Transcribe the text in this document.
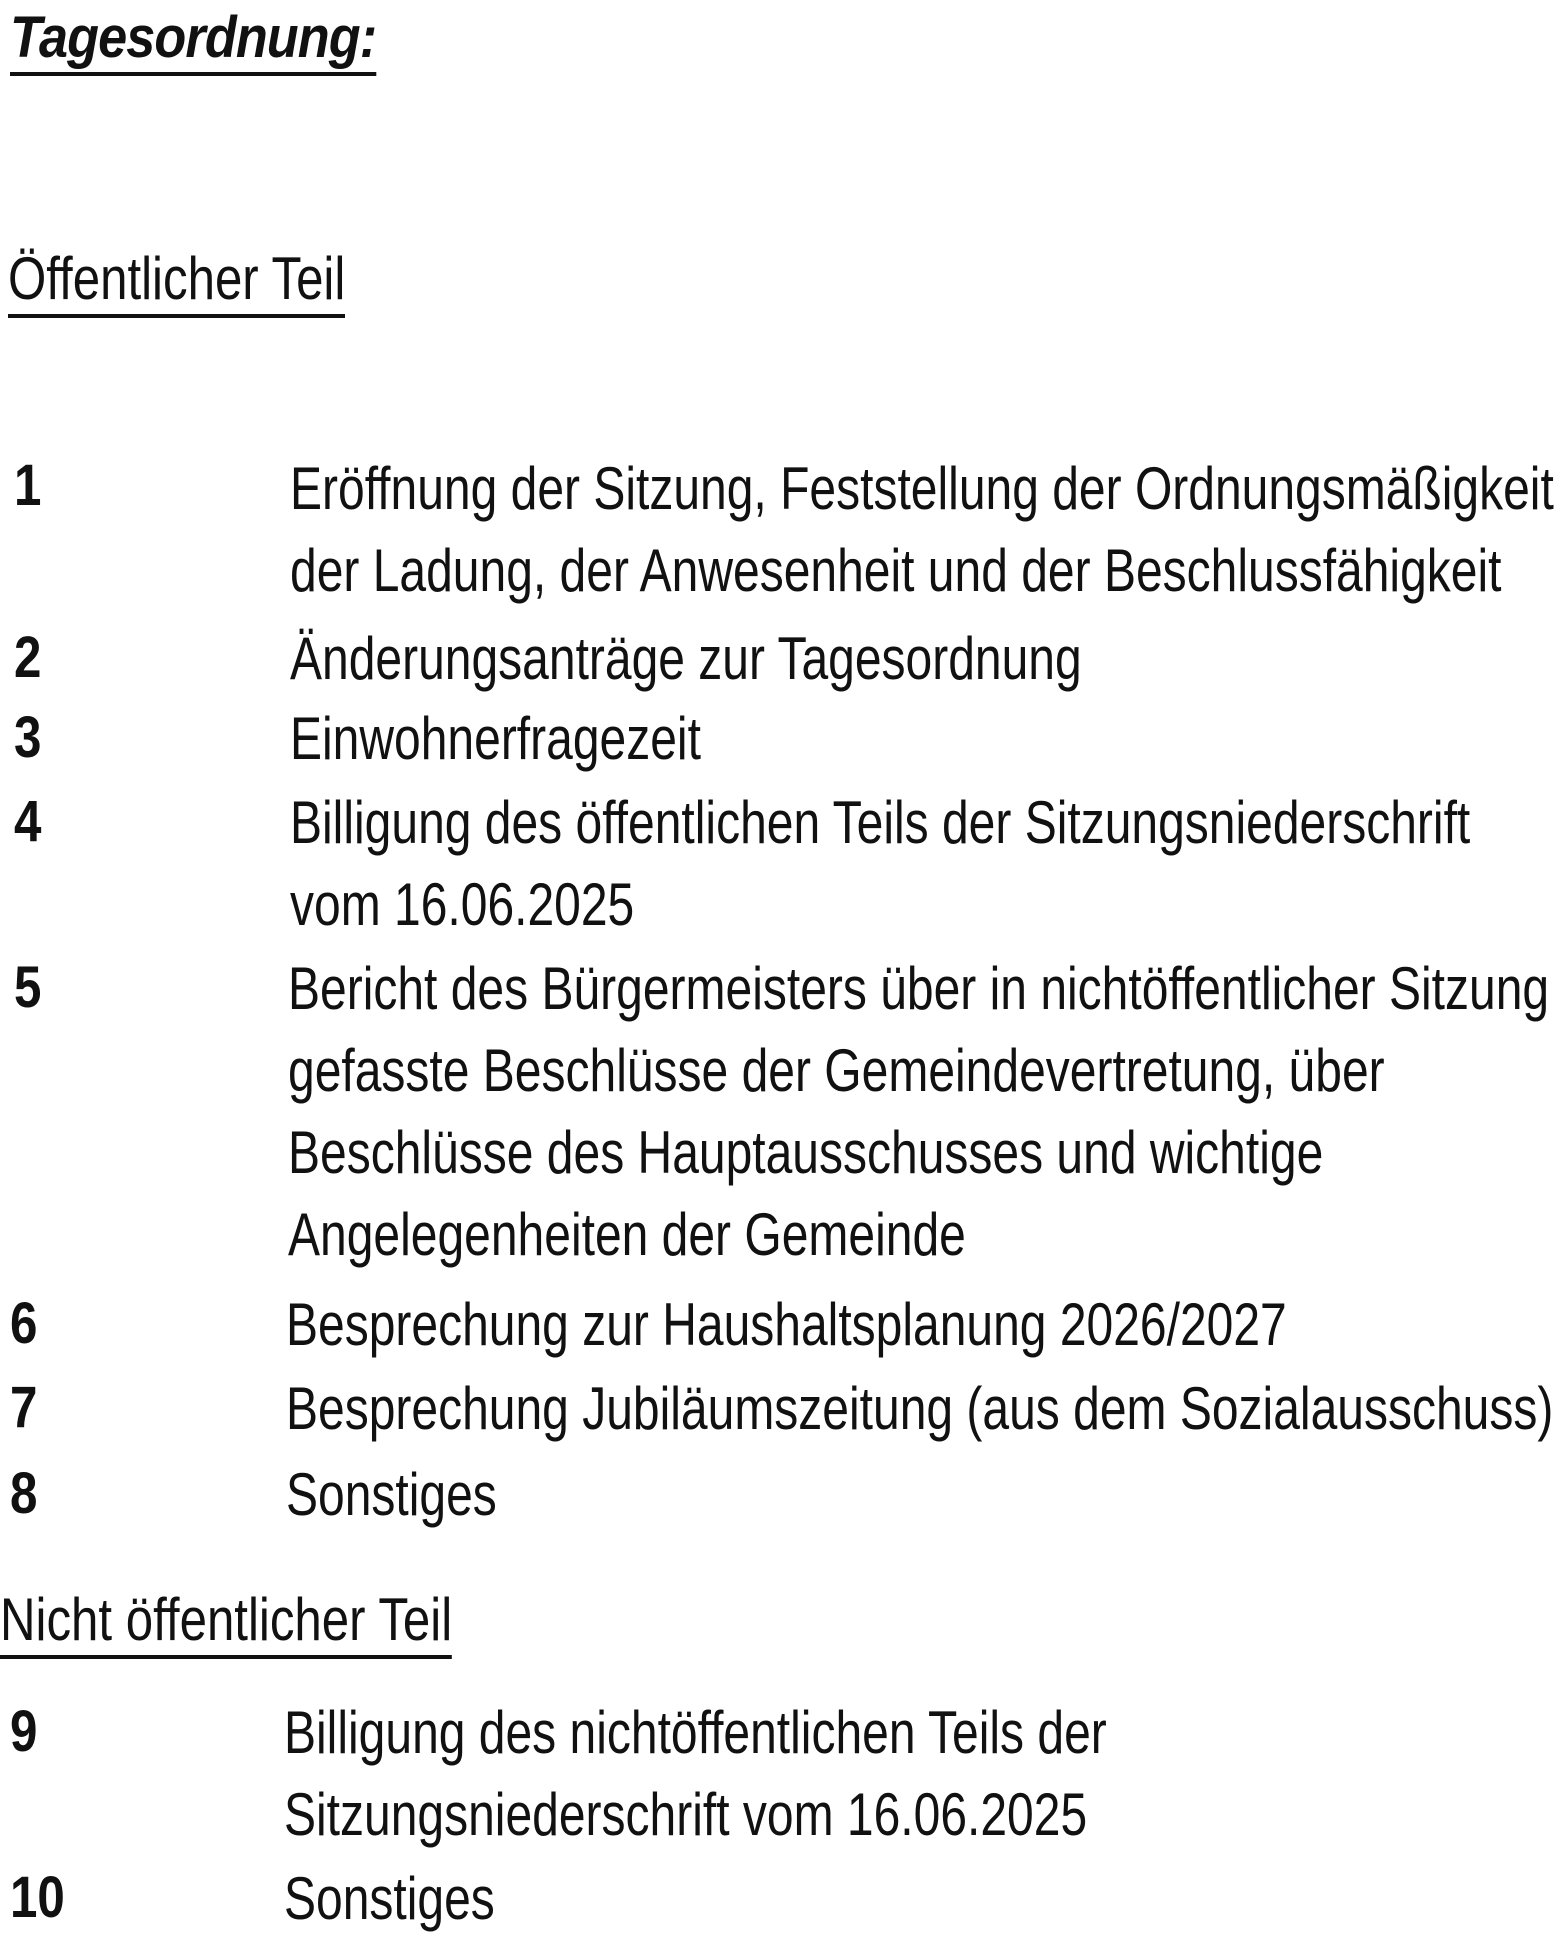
Tagesordnung:
Öffentlicher Teil
1	Eröffnung der Sitzung, Feststellung der Ordnungsmäßigkeit
der Ladung, der Anwesenheit und der Beschlussfähigkeit
2	Änderungsanträge zur Tagesordnung
3	Einwohnerfragezeit
4	Billigung des öffentlichen Teils der Sitzungsniederschrift
vom 16.06.2025
5	Bericht des Bürgermeisters über in nichtöffentlicher Sitzung
gefasste Beschlüsse der Gemeindevertretung, über
Beschlüsse des Hauptausschusses und wichtige
Angelegenheiten der Gemeinde
6	Besprechung zur Haushaltsplanung 2026/2027
7	Besprechung Jubiläumszeitung (aus dem Sozialausschuss)
8	Sonstiges
Nicht öffentlicher Teil
9	Billigung des nichtöffentlichen Teils der
Sitzungsniederschrift vom 16.06.2025
10	Sonstiges
